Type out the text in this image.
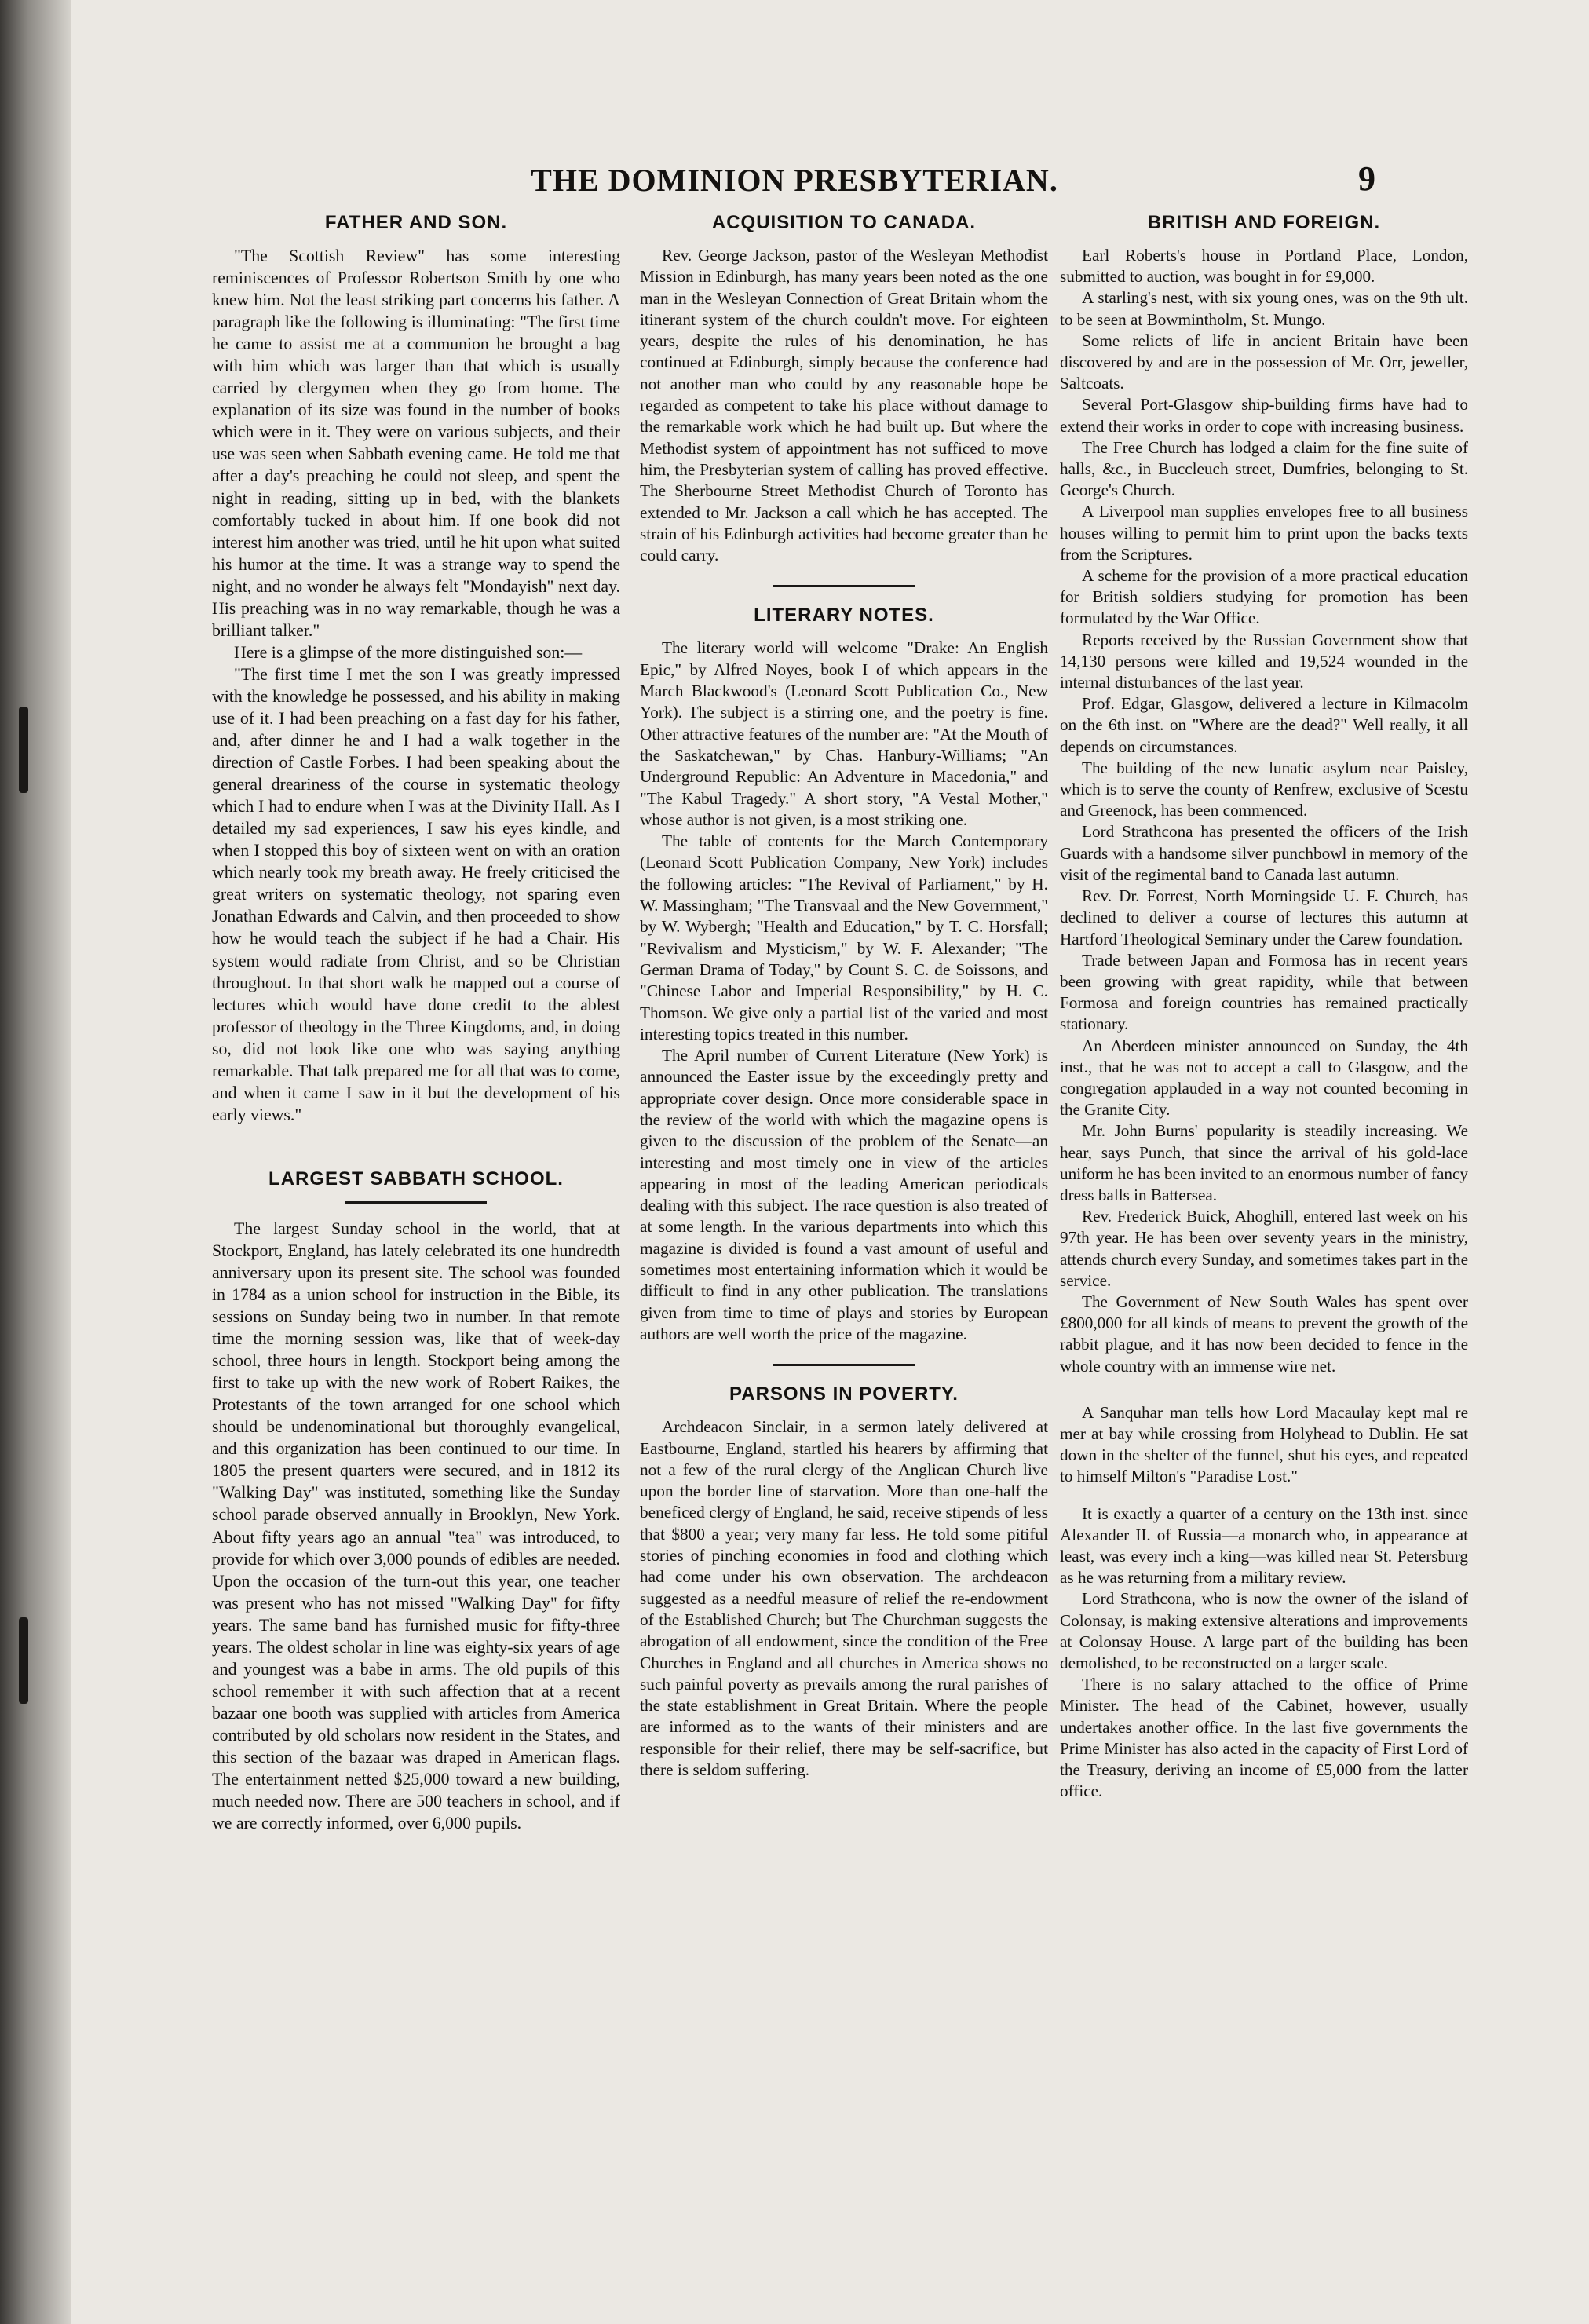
THE DOMINION PRESBYTERIAN.	9
FATHER AND SON.

"The Scottish Review" has some interesting reminiscences of Professor Robertson Smith by one who knew him. Not the least striking part concerns his father. A paragraph like the following is illuminating: "The first time he came to assist me at a communion he brought a bag with him which was larger than that which is usually carried by clergymen when they go from home. The explanation of its size was found in the number of books which were in it. They were on various subjects, and their use was seen when Sabbath evening came. He told me that after a day's preaching he could not sleep, and spent the night in reading, sitting up in bed, with the blankets comfortably tucked in about him. If one book did not interest him another was tried, until he hit upon what suited his humor at the time. It was a strange way to spend the night, and no wonder he always felt "Mondayish" next day. His preaching was in no way remarkable, though he was a brilliant talker."

Here is a glimpse of the more distinguished son:—

"The first time I met the son I was greatly impressed with the knowledge he possessed, and his ability in making use of it. I had been preaching on a fast day for his father, and, after dinner he and I had a walk together in the direction of Castle Forbes. I had been speaking about the general dreariness of the course in systematic theology which I had to endure when I was at the Divinity Hall. As I detailed my sad experiences, I saw his eyes kindle, and when I stopped this boy of sixteen went on with an oration which nearly took my breath away. He freely criticised the great writers on systematic theology, not sparing even Jonathan Edwards and Calvin, and then proceeded to show how he would teach the subject if he had a Chair. His system would radiate from Christ, and so be Christian throughout. In that short walk he mapped out a course of lectures which would have done credit to the ablest professor of theology in the Three Kingdoms, and, in doing so, did not look like one who was saying anything remarkable. That talk prepared me for all that was to come, and when it came I saw in it but the development of his early views."

LARGEST SABBATH SCHOOL.

The largest Sunday school in the world, that at Stockport, England, has lately celebrated its one hundredth anniversary upon its present site. The school was founded in 1784 as a union school for instruction in the Bible, its sessions on Sunday being two in number. In that remote time the morning session was, like that of week-day school, three hours in length. Stockport being among the first to take up with the new work of Robert Raikes, the Protestants of the town arranged for one school which should be undenominational but thoroughly evangelical, and this organization has been continued to our time. In 1805 the present quarters were secured, and in 1812 its "Walking Day" was instituted, something like the Sunday school parade observed annually in Brooklyn, New York. About fifty years ago an annual "tea" was introduced, to provide for which over 3,000 pounds of edibles are needed. Upon the occasion of the turn-out this year, one teacher was present who has not missed "Walking Day" for fifty years. The same band has furnished music for fifty-three years. The oldest scholar in line was eighty-six years of age and youngest was a babe in arms. The old pupils of this school remember it with such affection that at a recent bazaar one booth was supplied with articles from America contributed by old scholars now resident in the States, and this section of the bazaar was draped in American flags. The entertainment netted $25,000 toward a new building, much needed now. There are 500 teachers in school, and if we are correctly informed, over 6,000 pupils.

ACQUISITION TO CANADA.

Rev. George Jackson, pastor of the Wesleyan Methodist Mission in Edinburgh, has many years been noted as the one man in the Wesleyan Connection of Great Britain whom the itinerant system of the church couldn't move. For eighteen years, despite the rules of his denomination, he has continued at Edinburgh, simply because the conference had not another man who could by any reasonable hope be regarded as competent to take his place without damage to the remarkable work which he had built up. But where the Methodist system of appointment has not sufficed to move him, the Presbyterian system of calling has proved effective. The Sherbourne Street Methodist Church of Toronto has extended to Mr. Jackson a call which he has accepted. The strain of his Edinburgh activities had become greater than he could carry.

LITERARY NOTES.

The literary world will welcome "Drake: An English Epic," by Alfred Noyes, book I of which appears in the March Blackwood's (Leonard Scott Publication Co., New York). The subject is a stirring one, and the poetry is fine. Other attractive features of the number are: "At the Mouth of the Saskatchewan," by Chas. Hanbury-Williams; "An Underground Republic: An Adventure in Macedonia," and "The Kabul Tragedy." A short story, "A Vestal Mother," whose author is not given, is a most striking one.

The table of contents for the March Contemporary (Leonard Scott Publication Company, New York) includes the following articles: "The Revival of Parliament," by H. W. Massingham; "The Transvaal and the New Government," by W. Wybergh; "Health and Education," by T. C. Horsfall; "Revivalism and Mysticism," by W. F. Alexander; "The German Drama of Today," by Count S. C. de Soissons, and "Chinese Labor and Imperial Responsibility," by H. C. Thomson. We give only a partial list of the varied and most interesting topics treated in this number.

The April number of Current Literature (New York) is announced the Easter issue by the exceedingly pretty and appropriate cover design. Once more considerable space in the review of the world with which the magazine opens is given to the discussion of the problem of the Senate—an interesting and most timely one in view of the articles appearing in most of the leading American periodicals dealing with this subject. The race question is also treated of at some length. In the various departments into which this magazine is divided is found a vast amount of useful and sometimes most entertaining information which it would be difficult to find in any other publication. The translations given from time to time of plays and stories by European authors are well worth the price of the magazine.

PARSONS IN POVERTY.

Archdeacon Sinclair, in a sermon lately delivered at Eastbourne, England, startled his hearers by affirming that not a few of the rural clergy of the Anglican Church live upon the border line of starvation. More than one-half the beneficed clergy of England, he said, receive stipends of less that $800 a year; very many far less. He told some pitiful stories of pinching economies in food and clothing which had come under his own observation. The archdeacon suggested as a needful measure of relief the re-endowment of the Established Church; but The Churchman suggests the abrogation of all endowment, since the condition of the Free Churches in England and all churches in America shows no such painful poverty as prevails among the rural parishes of the state establishment in Great Britain. Where the people are informed as to the wants of their ministers and are responsible for their relief, there may be self-sacrifice, but there is seldom suffering.

BRITISH AND FOREIGN.

Earl Roberts's house in Portland Place, London, submitted to auction, was bought in for £9,000.

A starling's nest, with six young ones, was on the 9th ult. to be seen at Bowmintholm, St. Mungo.

Some relicts of life in ancient Britain have been discovered by and are in the possession of Mr. Orr, jeweller, Saltcoats.

Several Port-Glasgow ship-building firms have had to extend their works in order to cope with increasing business.

The Free Church has lodged a claim for the fine suite of halls, &c., in Buccleuch street, Dumfries, belonging to St. George's Church.

A Liverpool man supplies envelopes free to all business houses willing to permit him to print upon the backs texts from the Scriptures.

A scheme for the provision of a more practical education for British soldiers studying for promotion has been formulated by the War Office.

Reports received by the Russian Government show that 14,130 persons were killed and 19,524 wounded in the internal disturbances of the last year.

Prof. Edgar, Glasgow, delivered a lecture in Kilmacolm on the 6th inst. on "Where are the dead?" Well really, it all depends on circumstances.

The building of the new lunatic asylum near Paisley, which is to serve the county of Renfrew, exclusive of Scestu and Greenock, has been commenced.

Lord Strathcona has presented the officers of the Irish Guards with a handsome silver punchbowl in memory of the visit of the regimental band to Canada last autumn.

Rev. Dr. Forrest, North Morningside U. F. Church, has declined to deliver a course of lectures this autumn at Hartford Theological Seminary under the Carew foundation.

Trade between Japan and Formosa has in recent years been growing with great rapidity, while that between Formosa and foreign countries has remained practically stationary.

An Aberdeen minister announced on Sunday, the 4th inst., that he was not to accept a call to Glasgow, and the congregation applauded in a way not counted becoming in the Granite City.

Mr. John Burns' popularity is steadily increasing. We hear, says Punch, that since the arrival of his gold-lace uniform he has been invited to an enormous number of fancy dress balls in Battersea.

Rev. Frederick Buick, Ahoghill, entered last week on his 97th year. He has been over seventy years in the ministry, attends church every Sunday, and sometimes takes part in the service.

The Government of New South Wales has spent over £800,000 for all kinds of means to prevent the growth of the rabbit plague, and it has now been decided to fence in the whole country with an immense wire net.

A Sanquhar man tells how Lord Macaulay kept mal re mer at bay while crossing from Holyhead to Dublin. He sat down in the shelter of the funnel, shut his eyes, and repeated to himself Milton's "Paradise Lost."

It is exactly a quarter of a century on the 13th inst. since Alexander II. of Russia—a monarch who, in appearance at least, was every inch a king—was killed near St. Petersburg as he was returning from a military review.

Lord Strathcona, who is now the owner of the island of Colonsay, is making extensive alterations and improvements at Colonsay House. A large part of the building has been demolished, to be reconstructed on a larger scale.

There is no salary attached to the office of Prime Minister. The head of the Cabinet, however, usually undertakes another office. In the last five governments the Prime Minister has also acted in the capacity of First Lord of the Treasury, deriving an income of £5,000 from the latter office.
